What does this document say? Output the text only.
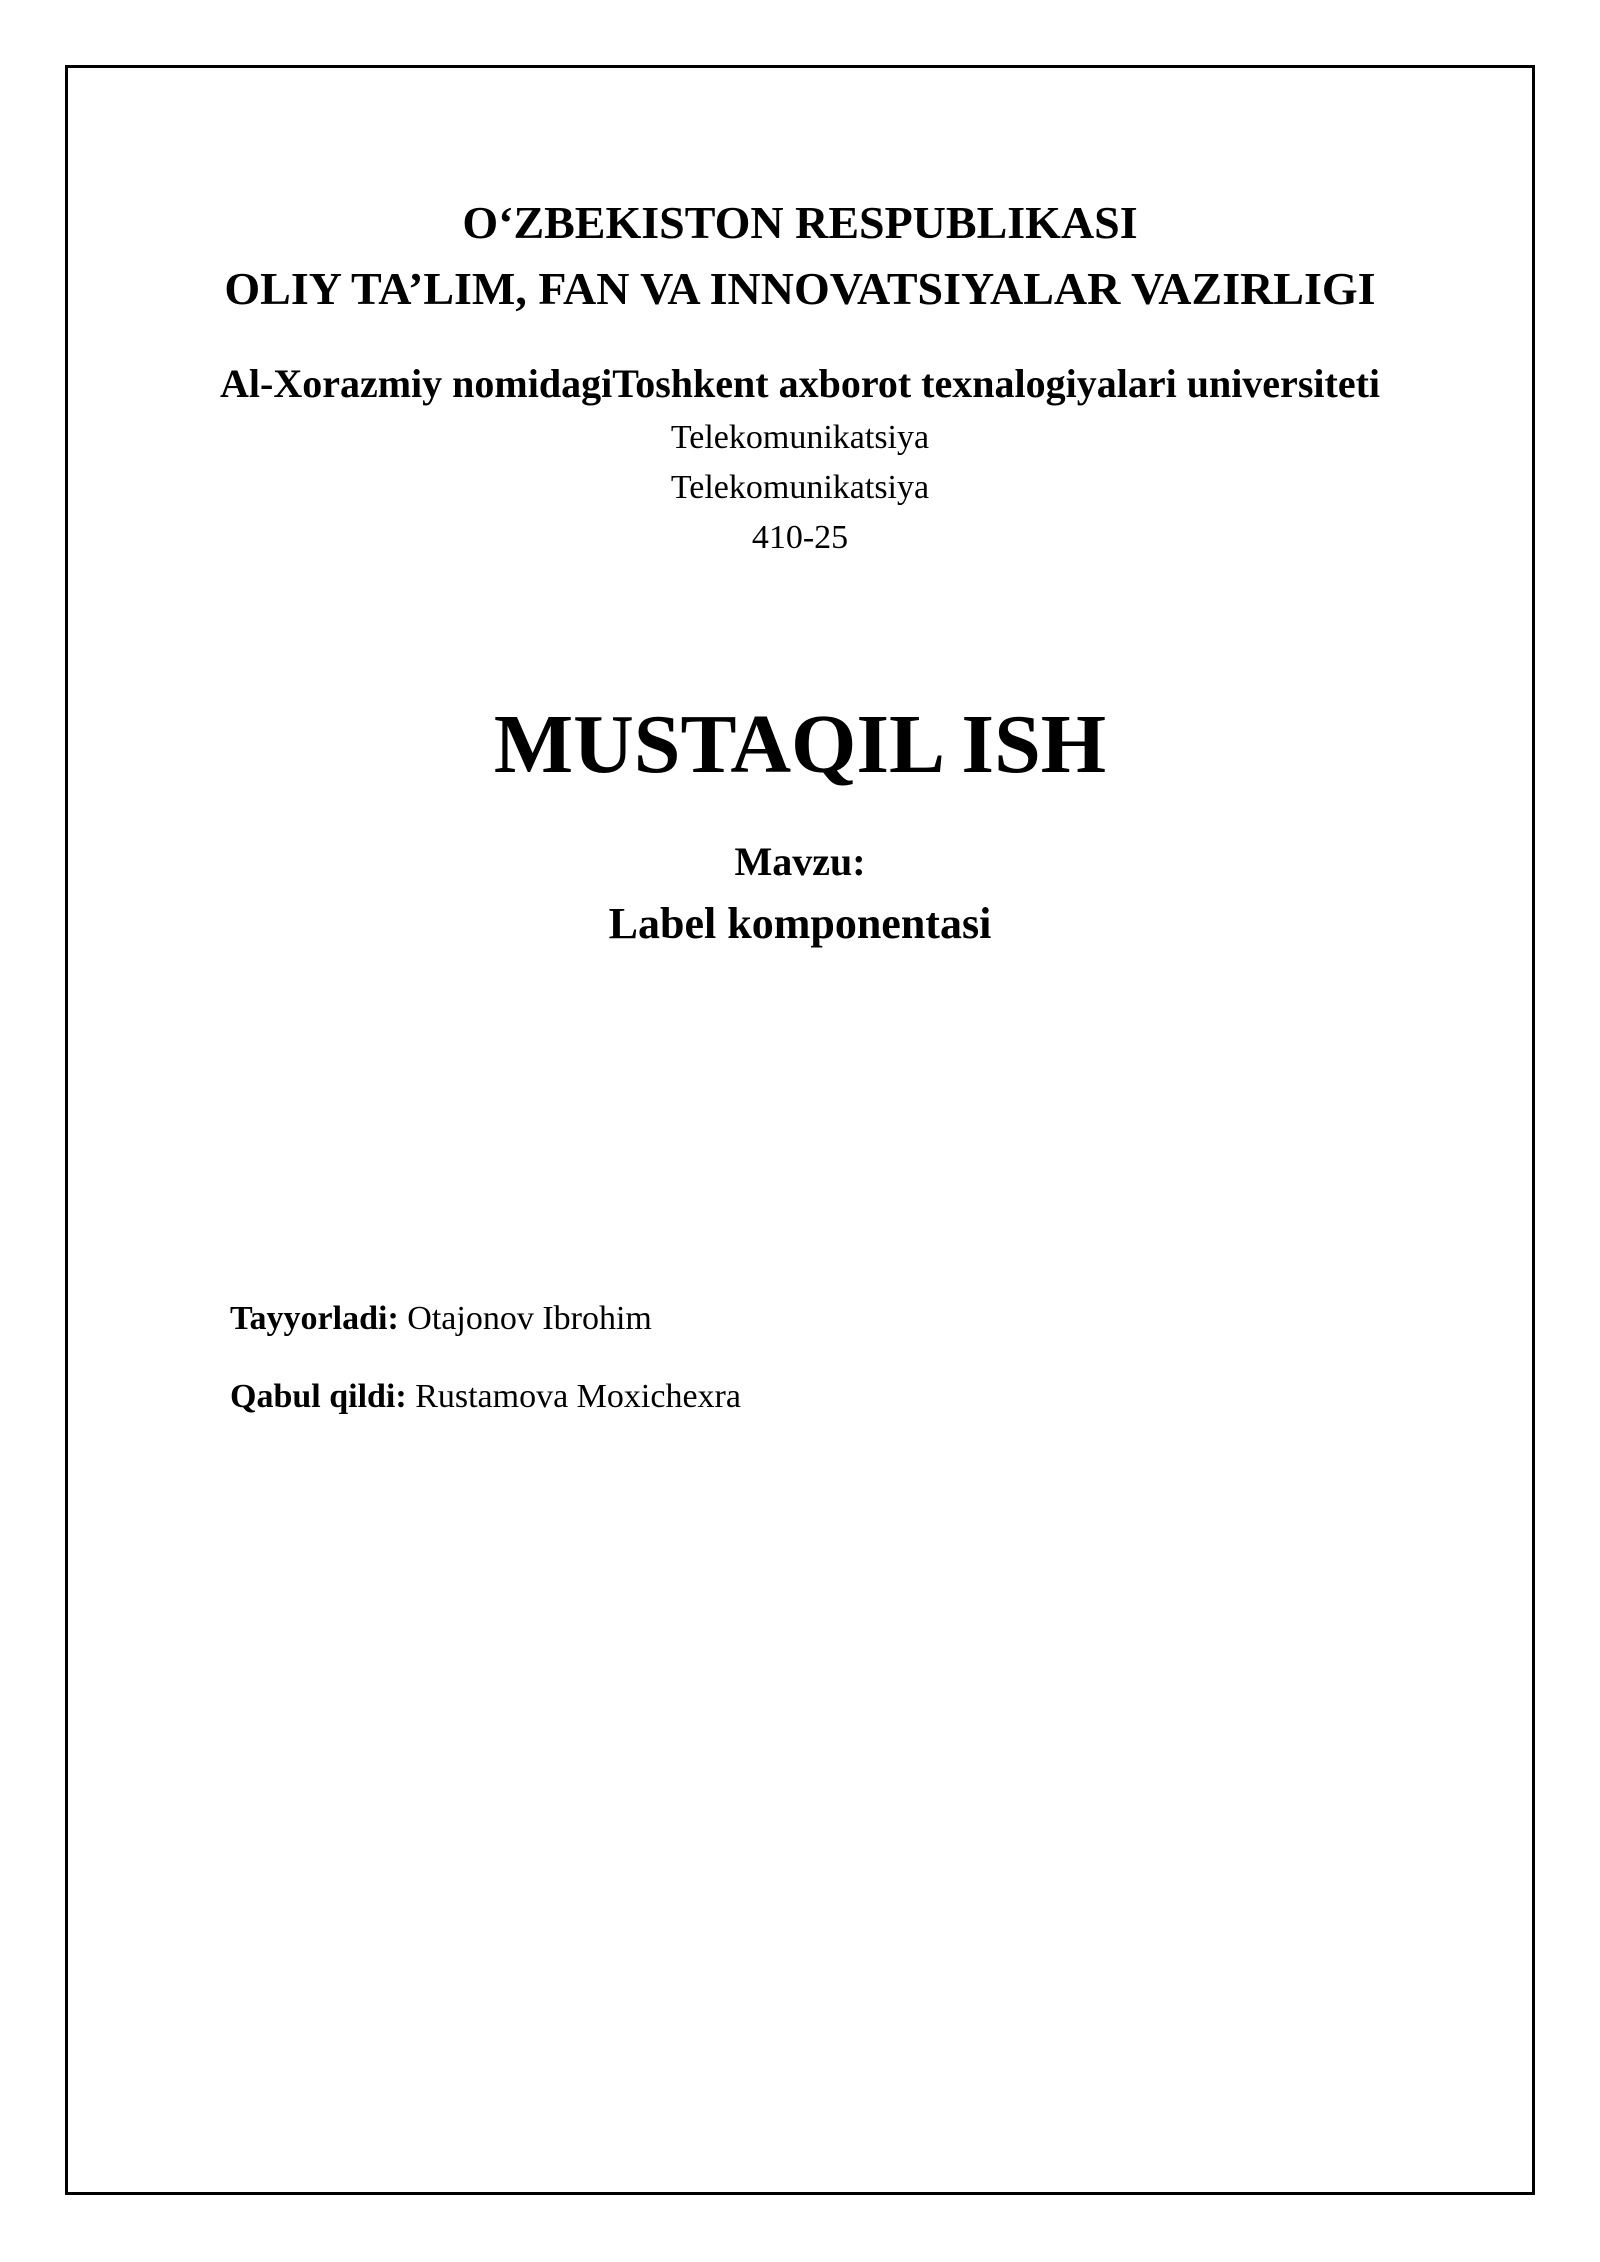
O‘ZBEKISTON RESPUBLIKASI
OLIY TA’LIM, FAN VA INNOVATSIYALAR VAZIRLIGI
Al-Xorazmiy nomidagiToshkent axborot texnalogiyalari universiteti
Telekomunikatsiya
Telekomunikatsiya
410-25
MUSTAQIL ISH
Mavzu:
Label komponentasi
Tayyorladi: Otajonov Ibrohim
Qabul qildi: Rustamova Moxichexra
